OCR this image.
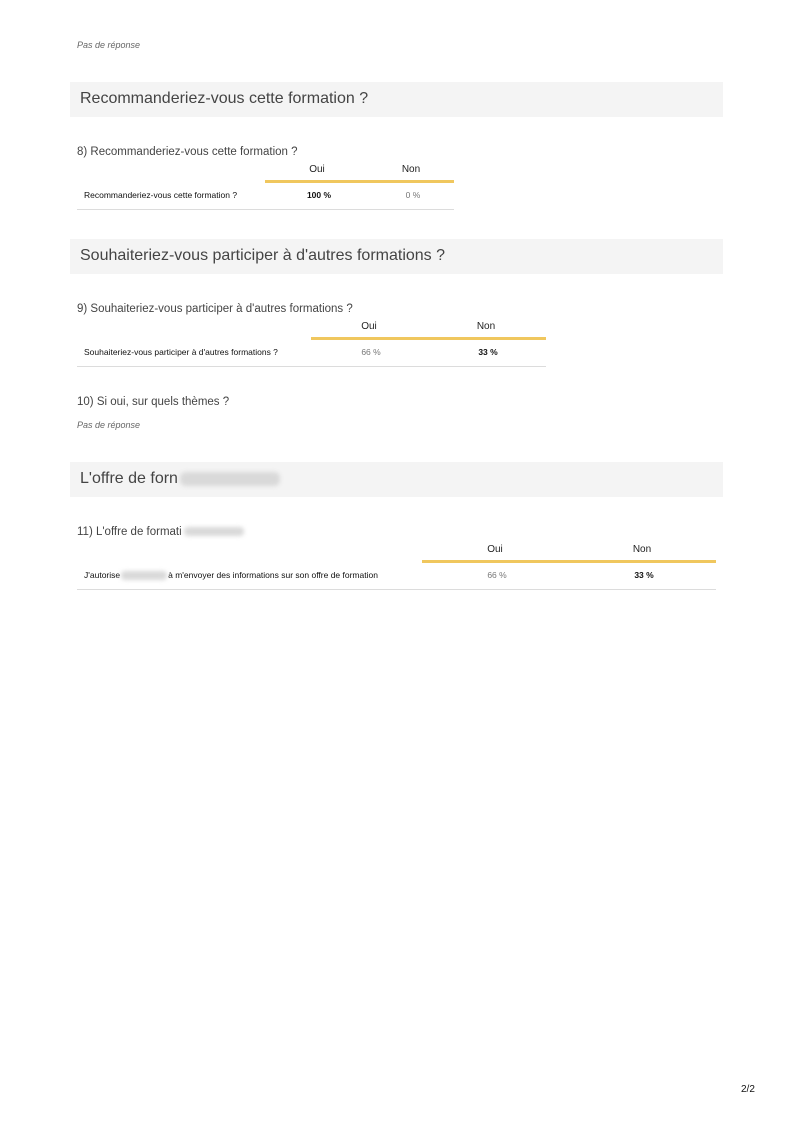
Pas de réponse
Recommanderiez-vous cette formation ?
8) Recommanderiez-vous cette formation ?
Oui	Non
Recommanderiez-vous cette formation ?	100 %	0 %
Souhaiteriez-vous participer à d'autres formations ?
9) Souhaiteriez-vous participer à d'autres formations ?
Oui	Non
Souhaiteriez-vous participer à d'autres formations ?	66 %	33 %
10) Si oui, sur quels thèmes ?
Pas de réponse
L'offre de forn
11) L'offre de formati
Oui	Non
J'autorise	à m'envoyer des informations sur son offre de formation	66 %	33 %
2/2
